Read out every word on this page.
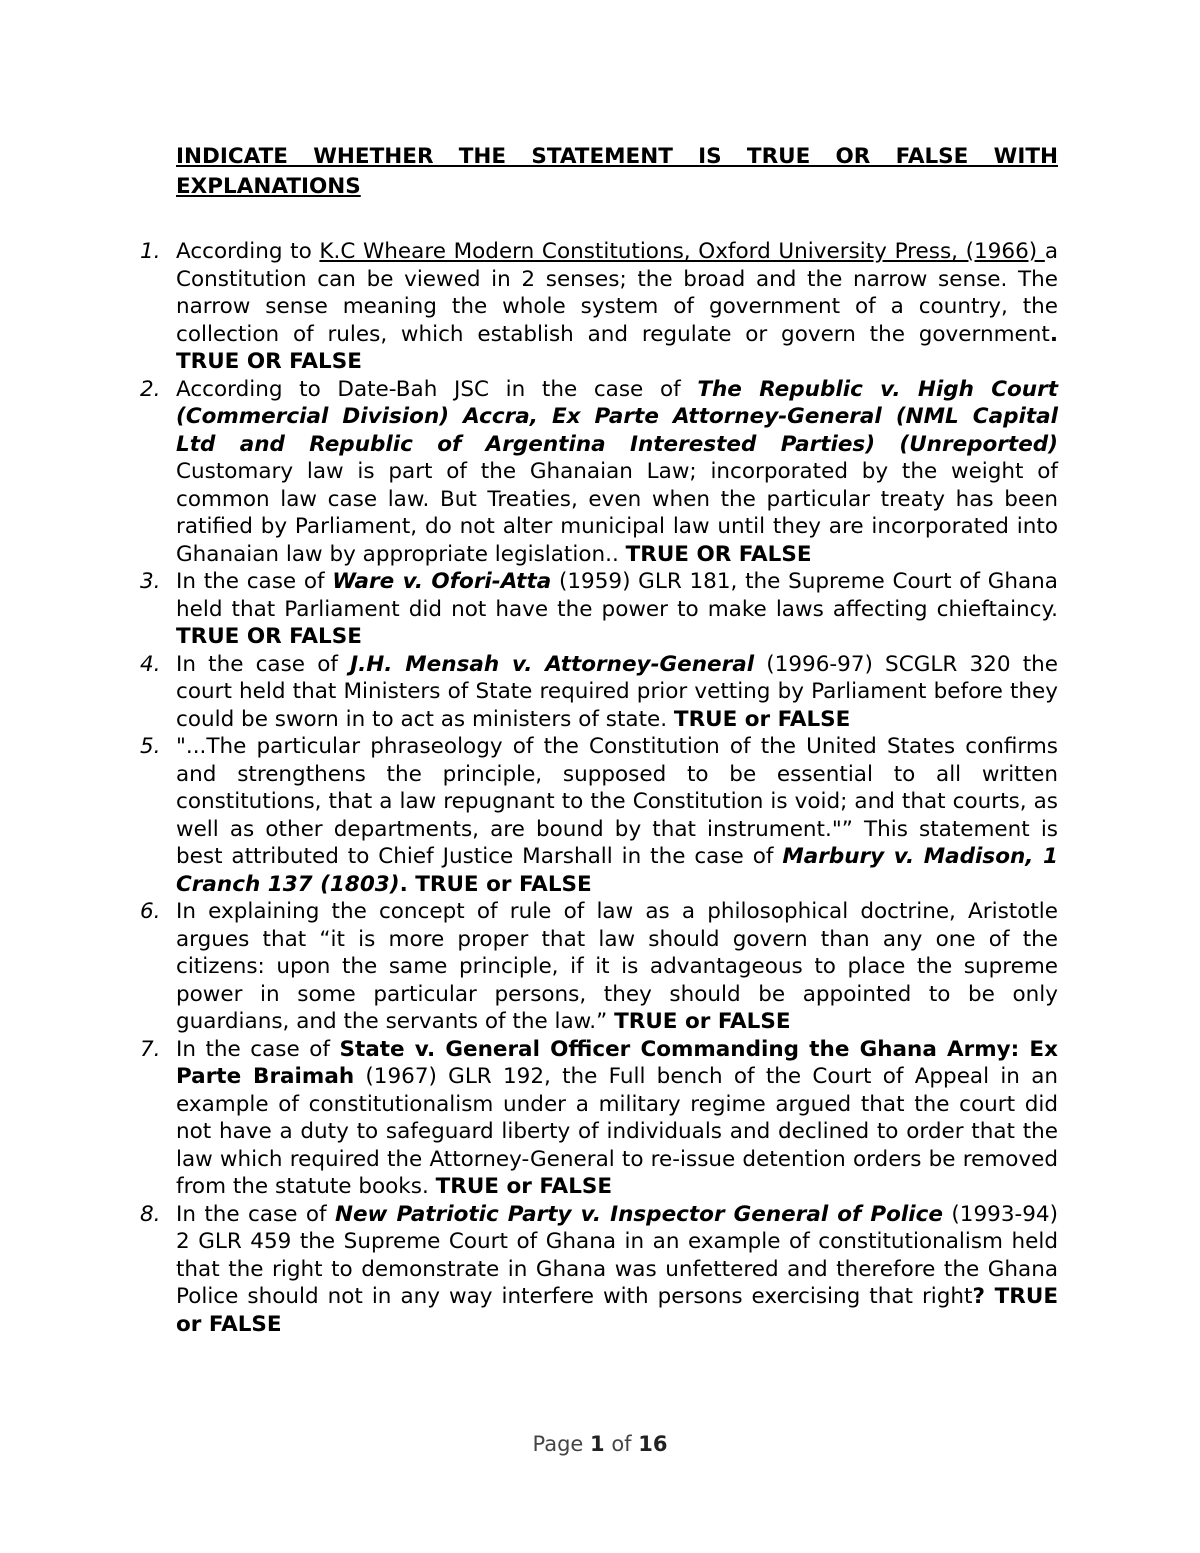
INDICATE WHETHER THE STATEMENT IS TRUE OR FALSE WITH EXPLANATIONS
1. According to K.C Wheare Modern Constitutions, Oxford University Press, (1966) a Constitution can be viewed in 2 senses; the broad and the narrow sense. The narrow sense meaning the whole system of government of a country, the collection of rules, which establish and regulate or govern the government. TRUE OR FALSE
2. According to Date-Bah JSC in the case of The Republic v. High Court (Commercial Division) Accra, Ex Parte Attorney-General (NML Capital Ltd and Republic of Argentina Interested Parties) (Unreported) Customary law is part of the Ghanaian Law; incorporated by the weight of common law case law. But Treaties, even when the particular treaty has been ratified by Parliament, do not alter municipal law until they are incorporated into Ghanaian law by appropriate legislation.. TRUE OR FALSE
3. In the case of Ware v. Ofori-Atta (1959) GLR 181, the Supreme Court of Ghana held that Parliament did not have the power to make laws affecting chieftaincy. TRUE OR FALSE
4. In the case of J.H. Mensah v. Attorney-General (1996-97) SCGLR 320 the court held that Ministers of State required prior vetting by Parliament before they could be sworn in to act as ministers of state. TRUE or FALSE
5. "...The particular phraseology of the Constitution of the United States confirms and strengthens the principle, supposed to be essential to all written constitutions, that a law repugnant to the Constitution is void; and that courts, as well as other departments, are bound by that instrument."” This statement is best attributed to Chief Justice Marshall in the case of Marbury v. Madison, 1 Cranch 137 (1803). TRUE or FALSE
6. In explaining the concept of rule of law as a philosophical doctrine, Aristotle argues that “it is more proper that law should govern than any one of the citizens: upon the same principle, if it is advantageous to place the supreme power in some particular persons, they should be appointed to be only guardians, and the servants of the law.” TRUE or FALSE
7. In the case of State v. General Officer Commanding the Ghana Army: Ex Parte Braimah (1967) GLR 192, the Full bench of the Court of Appeal in an example of constitutionalism under a military regime argued that the court did not have a duty to safeguard liberty of individuals and declined to order that the law which required the Attorney-General to re-issue detention orders be removed from the statute books. TRUE or FALSE
8. In the case of New Patriotic Party v. Inspector General of Police (1993-94) 2 GLR 459 the Supreme Court of Ghana in an example of constitutionalism held that the right to demonstrate in Ghana was unfettered and therefore the Ghana Police should not in any way interfere with persons exercising that right? TRUE or FALSE
Page 1 of 16
